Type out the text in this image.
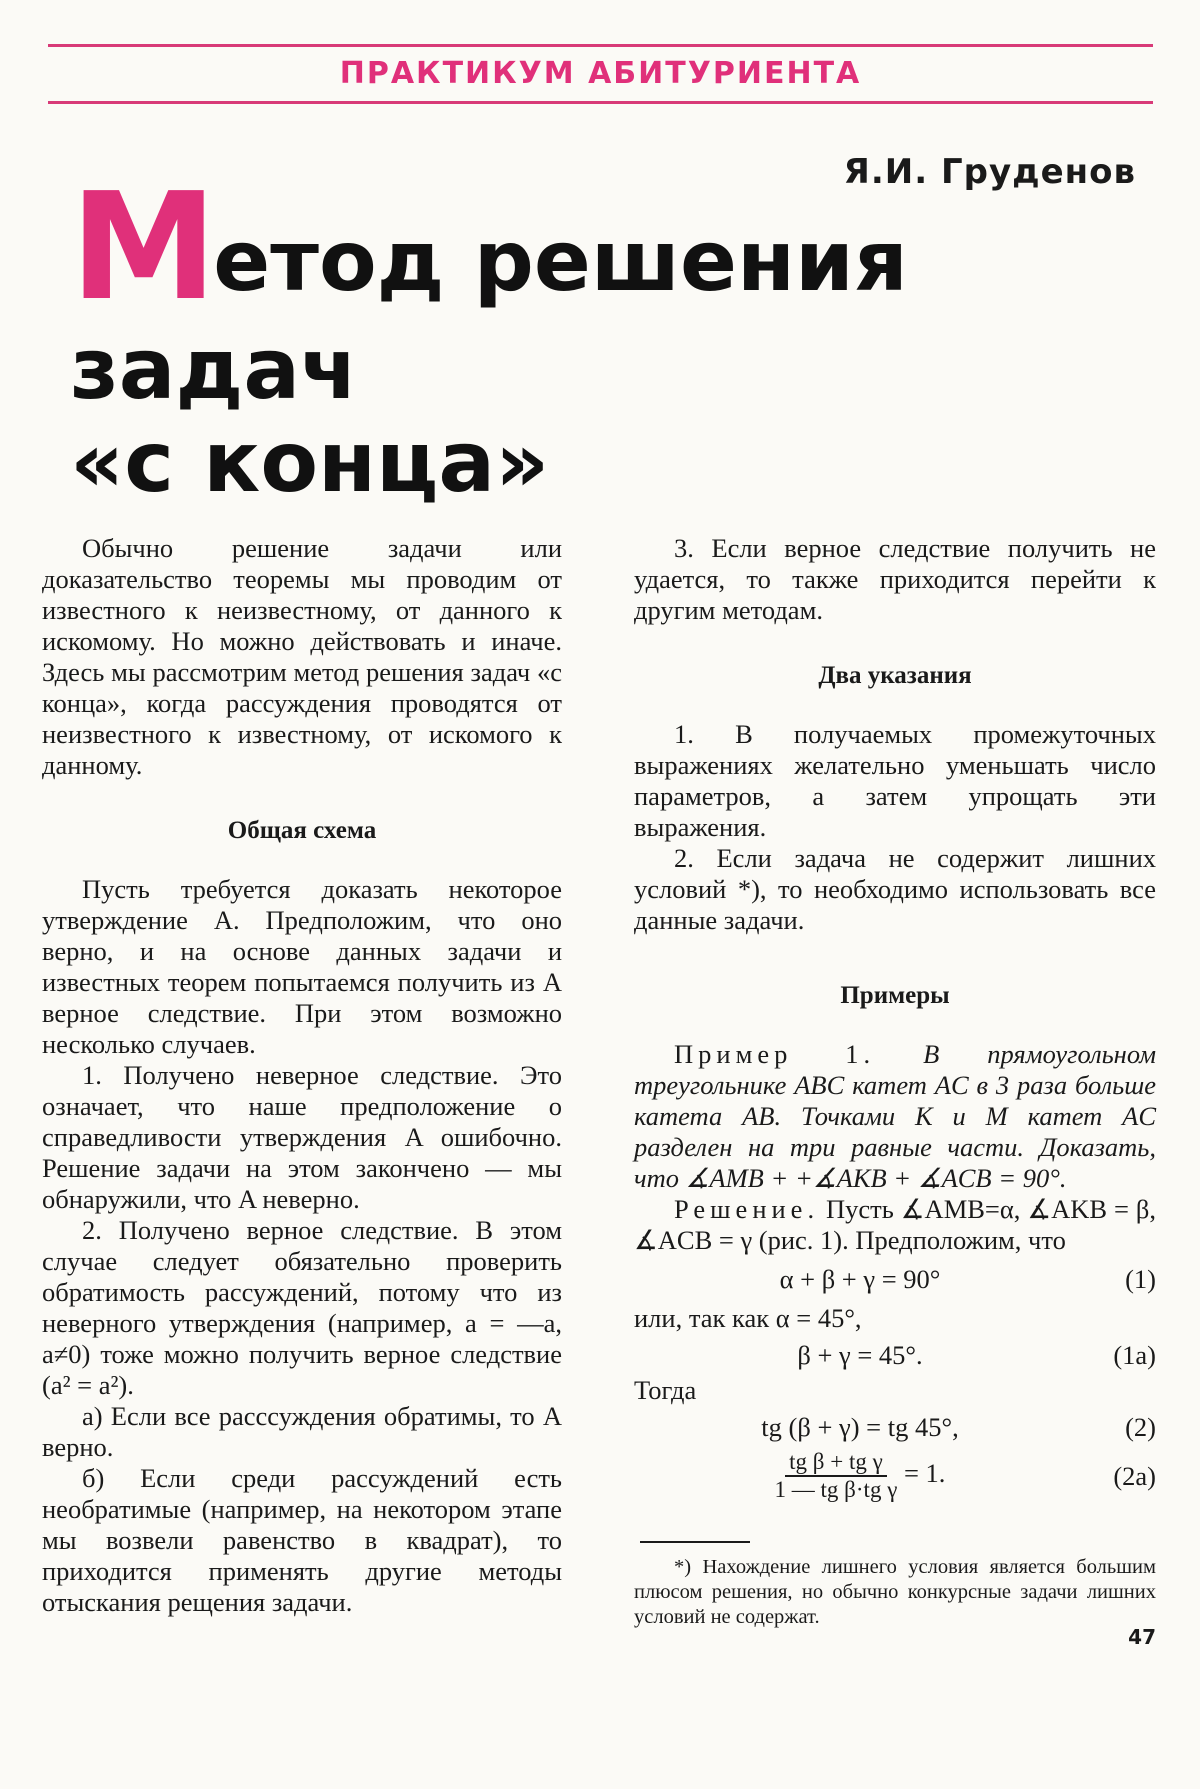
ПРАКТИКУМ АБИТУРИЕНТА
Я.И. Груденов
Метод решения задач
«с конца»

Обычно решение задачи или доказательство теоремы мы проводим от известного к неизвестному, от данного к искомому. Но можно действовать и иначе. Здесь мы рассмотрим метод решения задач «с конца», когда рассуждения проводятся от неизвестного к известному, от искомого к данному.

Общая схема

Пусть требуется доказать некоторое утверждение A. Предположим, что оно верно, и на основе данных задачи и известных теорем попытаемся получить из A верное следствие. При этом возможно несколько случаев.

1. Получено неверное следствие. Это означает, что наше предположение о справедливости утверждения A ошибочно. Решение задачи на этом закончено — мы обнаружили, что A неверно.

2. Получено верное следствие. В этом случае следует обязательно проверить обратимость рассуждений, потому что из неверного утверждения (например, a = —a, a≠0) тоже можно получить верное следствие (a² = a²).

а) Если все расссуждения обратимы, то A верно.

б) Если среди рассуждений есть необратимые (например, на некотором этапе мы возвели равенство в квадрат), то приходится применять другие методы отыскания рещения задачи.

3. Если верное следствие получить не удается, то также приходится перейти к другим методам.

Два указания

1. В получаемых промежуточных выражениях желательно уменьшать число параметров, а затем упрощать эти выражения.

2. Если задача не содержит лишних условий *), то необходимо использовать все данные задачи.

Примеры

Пример 1. В прямоугольном треугольнике ABC катет AC в 3 раза больше катета AB. Точками K и M катет AC разделен на три равные части. Доказать, что ∡AMB + +∡AKB + ∡ACB = 90°.

Решение. Пусть ∡AMB=α, ∡AKB = β, ∡ACB = γ (рис. 1). Предположим, что

α + β + γ = 90°	(1)

или, так как α = 45°,

β + γ = 45°.	(1а)

Тогда

tg (β + γ) = tg 45°,	(2)
$\frac{\text{tg β + tg γ}}{\text{1 — tg β·tg γ}} = 1$.	(2а)

*) Нахождение лишнего условия является большим плюсом решения, но обычно конкурсные задачи лишних условий не содержат.

47
